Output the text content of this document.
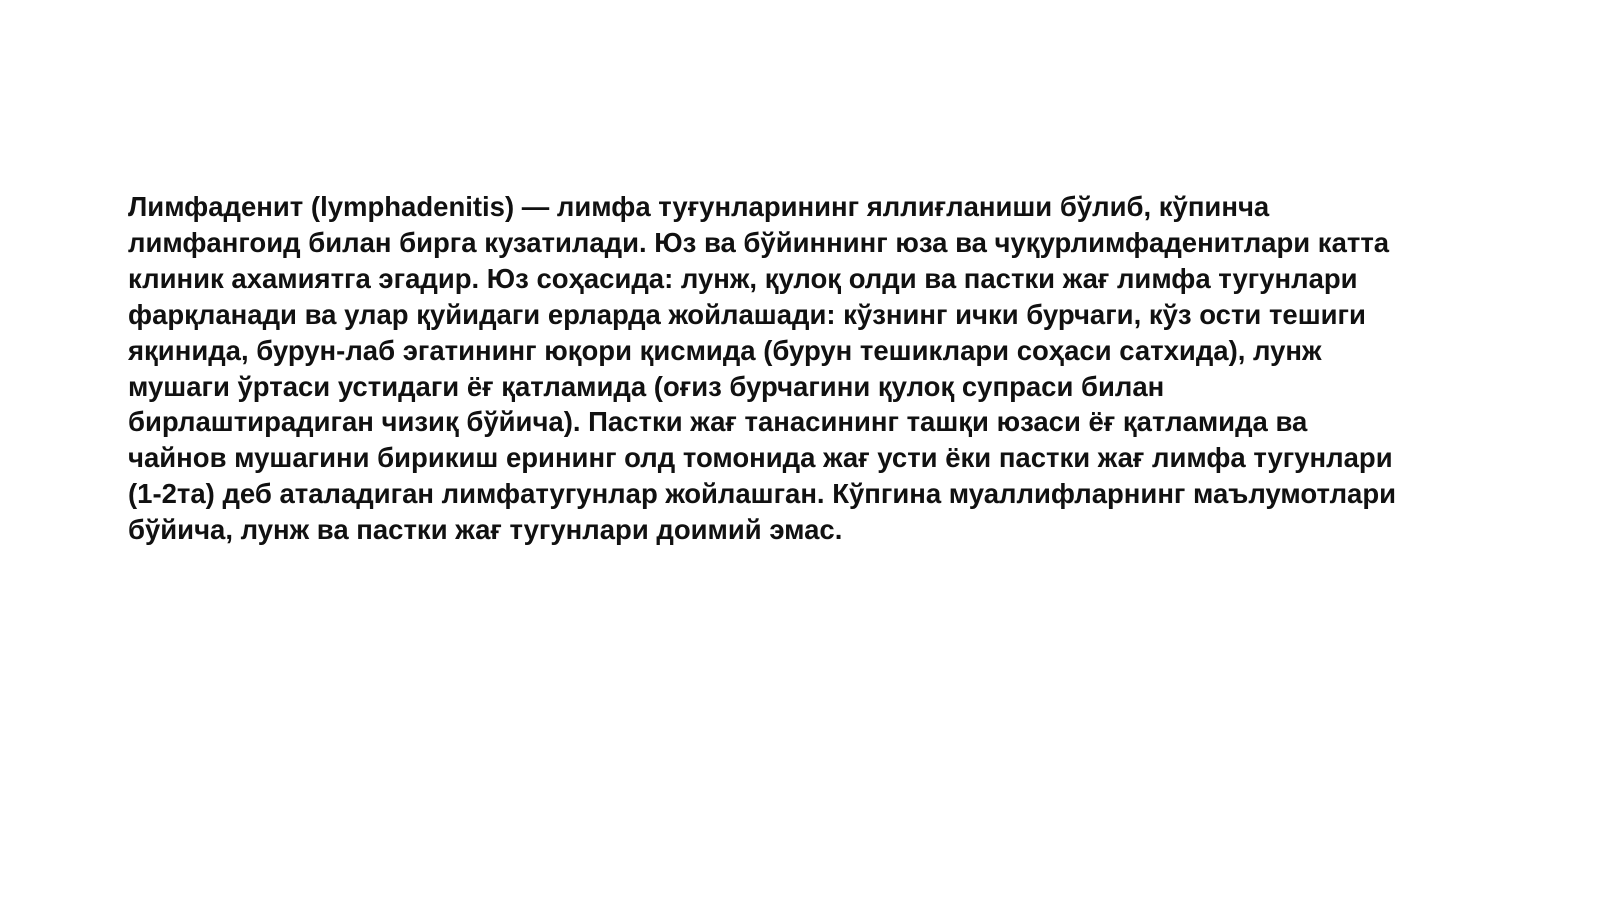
Лимфаденит (lymphadenitis) — лимфа туғунларининг яллиғланиши бўлиб, кўпинча
лимфангоид билан бирга кузатилади. Юз ва бўйиннинг юза ва чуқурлимфаденитлари катта
клиник ахамиятга эгадир. Юз соҳасида: лунж, қулоқ олди ва пастки жағ лимфа тугунлари
фарқланади ва улар қуйидаги ерларда жойлашади: кўзнинг ички бурчаги, кўз ости тешиги
яқинида, бурун-лаб эгатининг юқори қисмида (бурун тешиклари соҳаси сатхида), лунж
мушаги ўртаси устидаги ёғ қатламида (оғиз бурчагини қулоқ супраси билан
бирлаштирадиган чизиқ бўйича). Пастки жағ танасининг ташқи юзаси ёғ қатламида ва
чайнов мушагини бирикиш ерининг олд томонида жағ усти ёки пастки жағ лимфа тугунлари
(1-2та) деб аталадиган лимфатугунлар жойлашган. Кўпгина муаллифларнинг маълумотлари
бўйича, лунж ва пастки жағ тугунлари доимий эмас.
